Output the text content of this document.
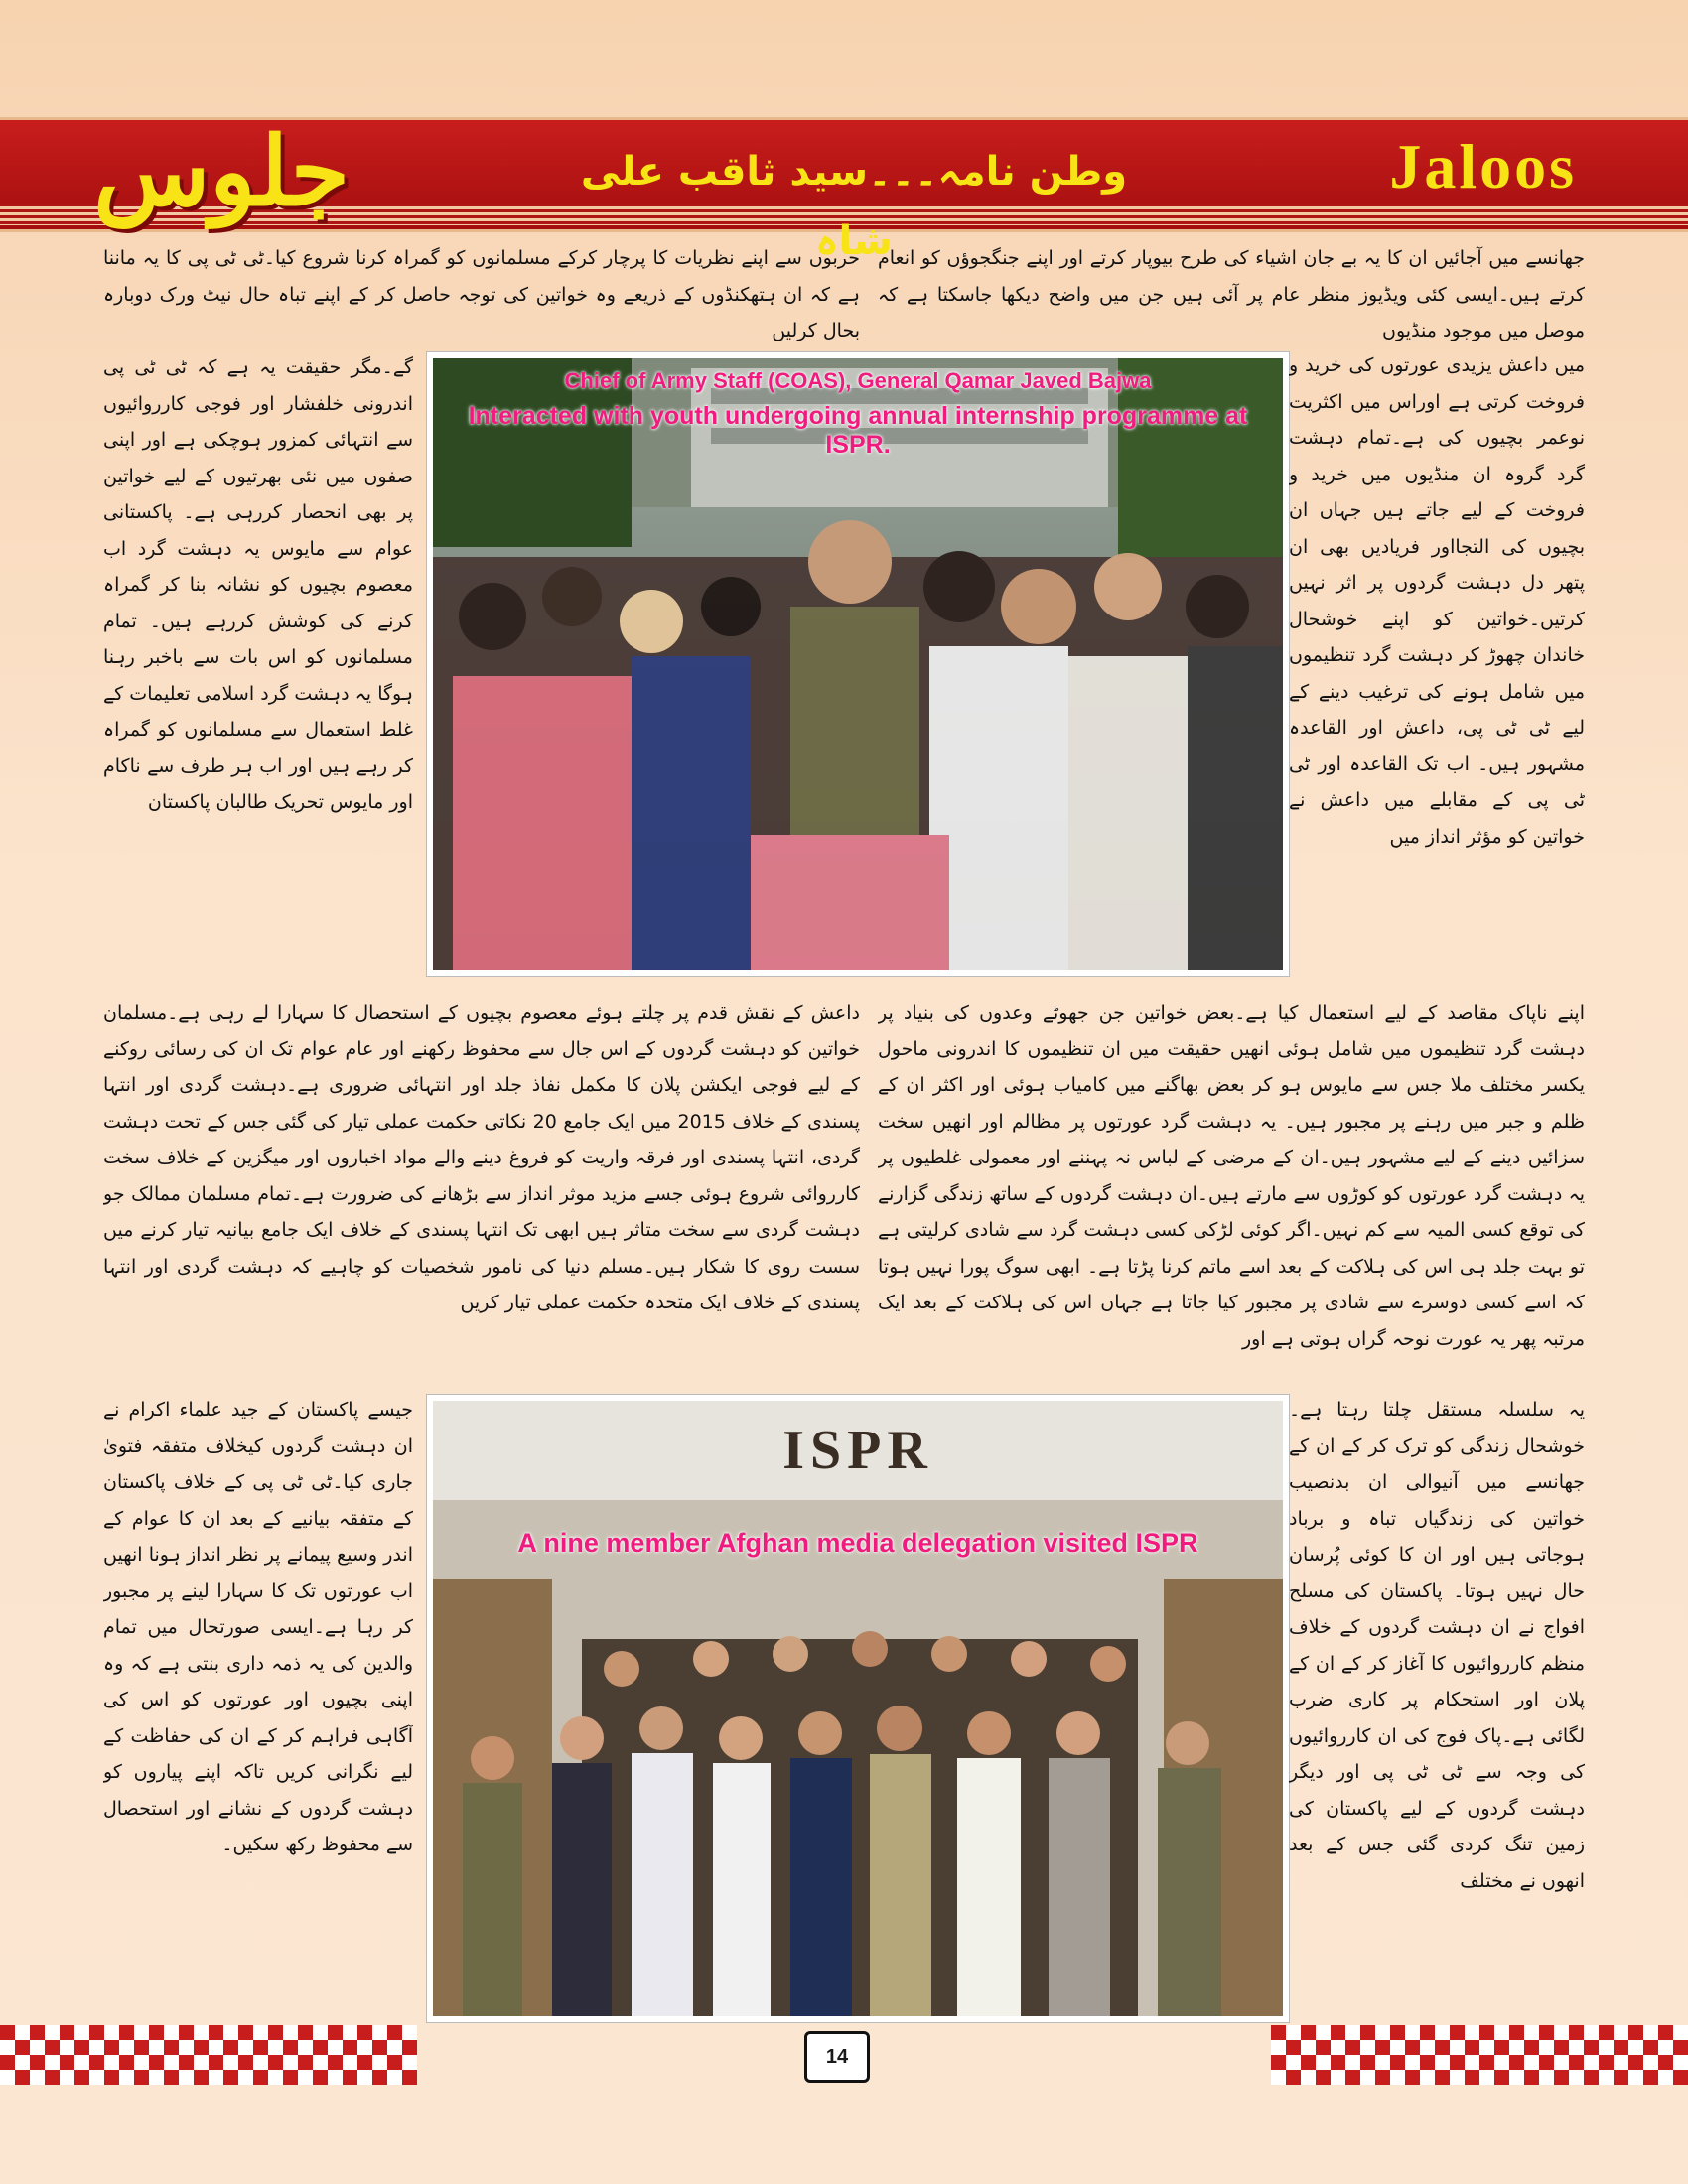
جلوس	وطن نامہ۔۔۔سید ثاقب علی شاہ
Jaloos
جھانسے میں آجائیں ان کا یہ بے جان اشیاء کی طرح بیوپار کرتے اور اپنے جنگجوؤں کو انعام کرتے ہیں۔ایسی کئی ویڈیوز منظر عام پر آئی ہیں جن میں واضح دیکھا جاسکتا ہے کہ موصل میں موجود منڈیوں
حربوں سے اپنے نظریات کا پرچار کرکے مسلمانوں کو گمراہ کرنا شروع کیا۔ٹی ٹی پی کا یہ ماننا ہے کہ ان ہتھکنڈوں کے ذریعے وہ خواتین کی توجہ حاصل کر کے اپنے تباہ حال نیٹ ورک دوبارہ بحال کرلیں
Chief of Army Staff (COAS), General Qamar Javed Bajwa
Interacted with youth undergoing annual internship programme at ISPR.
میں داعش یزیدی عورتوں کی خرید و فروخت کرتی ہے اوراس میں اکثریت نوعمر بچیوں کی ہے۔تمام دہشت گرد گروہ ان منڈیوں میں خرید و فروخت کے لیے جاتے ہیں جہاں ان بچیوں کی التجااور فریادیں بھی ان پتھر دل دہشت گردوں پر اثر نہیں کرتیں۔خواتین کو اپنے خوشحال خاندان چھوڑ کر دہشت گرد تنظیموں میں شامل ہونے کی ترغیب دینے کے لیے ٹی ٹی پی، داعش اور القاعدہ مشہور ہیں۔ اب تک القاعدہ اور ٹی ٹی پی کے مقابلے میں داعش نے خواتین کو مؤثر انداز میں
گے۔مگر حقیقت یہ ہے کہ ٹی ٹی پی اندرونی خلفشار اور فوجی کارروائیوں سے انتہائی کمزور ہوچکی ہے اور اپنی صفوں میں نئی بھرتیوں کے لیے خواتین پر بھی انحصار کررہی ہے۔ پاکستانی عوام سے مایوس یہ دہشت گرد اب معصوم بچیوں کو نشانہ بنا کر گمراہ کرنے کی کوشش کررہے ہیں۔ تمام مسلمانوں کو اس بات سے باخبر رہنا ہوگا یہ دہشت گرد اسلامی تعلیمات کے غلط استعمال سے مسلمانوں کو گمراہ کر رہے ہیں اور اب ہر طرف سے ناکام اور مایوس تحریک طالبان پاکستان
اپنے ناپاک مقاصد کے لیے استعمال کیا ہے۔بعض خواتین جن جھوٹے وعدوں کی بنیاد پر دہشت گرد تنظیموں میں شامل ہوئی انھیں حقیقت میں ان تنظیموں کا اندرونی ماحول یکسر مختلف ملا جس سے مایوس ہو کر بعض بھاگنے میں کامیاب ہوئی اور اکثر ان کے ظلم و جبر میں رہنے پر مجبور ہیں۔ یہ دہشت گرد عورتوں پر مظالم اور انھیں سخت سزائیں دینے کے لیے مشہور ہیں۔ان کے مرضی کے لباس نہ پہننے اور معمولی غلطیوں پر یہ دہشت گرد عورتوں کو کوڑوں سے مارتے ہیں۔ان دہشت گردوں کے ساتھ زندگی گزارنے کی توقع کسی المیہ سے کم نہیں۔اگر کوئی لڑکی کسی دہشت گرد سے شادی کرلیتی ہے تو بہت جلد ہی اس کی ہلاکت کے بعد اسے ماتم کرنا پڑتا ہے۔ ابھی سوگ پورا نہیں ہوتا کہ اسے کسی دوسرے سے شادی پر مجبور کیا جاتا ہے جہاں اس کی ہلاکت کے بعد ایک مرتبہ پھر یہ عورت نوحہ گراں ہوتی ہے اور
داعش کے نقش قدم پر چلتے ہوئے معصوم بچیوں کے استحصال کا سہارا لے رہی ہے۔مسلمان خواتین کو دہشت گردوں کے اس جال سے محفوظ رکھنے اور عام عوام تک ان کی رسائی روکنے کے لیے فوجی ایکشن پلان کا مکمل نفاذ جلد اور انتہائی ضروری ہے۔دہشت گردی اور انتہا پسندی کے خلاف 2015 میں ایک جامع 20 نکاتی حکمت عملی تیار کی گئی جس کے تحت دہشت گردی، انتہا پسندی اور فرقہ واریت کو فروغ دینے والے مواد اخباروں اور میگزین کے خلاف سخت کارروائی شروع ہوئی جسے مزید موثر انداز سے بڑھانے کی ضرورت ہے۔تمام مسلمان ممالک جو دہشت گردی سے سخت متاثر ہیں ابھی تک انتہا پسندی کے خلاف ایک جامع بیانیہ تیار کرنے میں سست روی کا شکار ہیں۔مسلم دنیا کی نامور شخصیات کو چاہیے کہ دہشت گردی اور انتہا پسندی کے خلاف ایک متحدہ حکمت عملی تیار کریں
ISPR
A nine member Afghan media delegation visited ISPR
یہ سلسلہ مستقل چلتا رہتا ہے۔خوشحال زندگی کو ترک کر کے ان کے جھانسے میں آنیوالی ان بدنصیب خواتین کی زندگیاں تباہ و برباد ہوجاتی ہیں اور ان کا کوئی پُرسان حال نہیں ہوتا۔ پاکستان کی مسلح افواج نے ان دہشت گردوں کے خلاف منظم کارروائیوں کا آغاز کر کے ان کے پلان اور استحکام پر کاری ضرب لگائی ہے۔پاک فوج کی ان کارروائیوں کی وجہ سے ٹی ٹی پی اور دیگر دہشت گردوں کے لیے پاکستان کی زمین تنگ کردی گئی جس کے بعد انھوں نے مختلف
جیسے پاکستان کے جید علماء اکرام نے ان دہشت گردوں کیخلاف متفقہ فتویٰ جاری کیا۔ٹی ٹی پی کے خلاف پاکستان کے متفقہ بیانیے کے بعد ان کا عوام کے اندر وسیع پیمانے پر نظر انداز ہونا انھیں اب عورتوں تک کا سہارا لینے پر مجبور کر رہا ہے۔ایسی صورتحال میں تمام والدین کی یہ ذمہ داری بنتی ہے کہ وہ اپنی بچیوں اور عورتوں کو اس کی آگاہی فراہم کر کے ان کی حفاظت کے لیے نگرانی کریں تاکہ اپنے پیاروں کو دہشت گردوں کے نشانے اور استحصال سے محفوظ رکھ سکیں۔
14
